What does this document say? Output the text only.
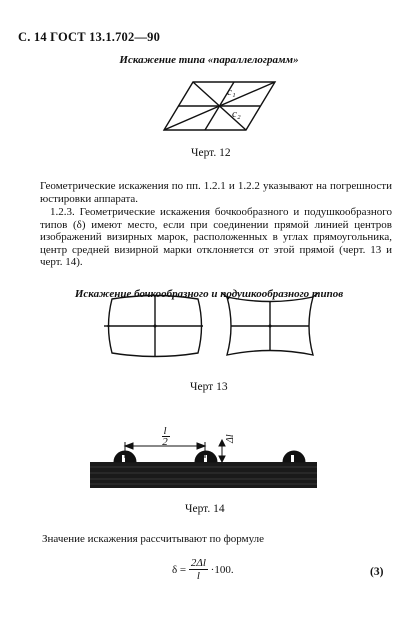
С. 14 ГОСТ 13.1.702—90
Искажение типа «параллелограмм»
c₁
c₂
Черт. 12
Геометрические искажения по пп. 1.2.1 и 1.2.2 указывают на погрешности юстировки аппарата.
1.2.3. Геометрические искажения бочкообразного и подушкообразного типов (δ) имеют место, если при соединении прямой линией центров изображений визирных марок, расположенных в углах прямоугольника, центр средней визирной марки отклоняется от этой прямой (черт. 13 и черт. 14).
Искажение бочкообразного и подушкообразного типов
Черт 13
l
2	Δl
Черт. 14
Значение искажения рассчитывают по формуле
$\delta = \frac{2\Delta l}{l} \cdot 100$.	(3)
